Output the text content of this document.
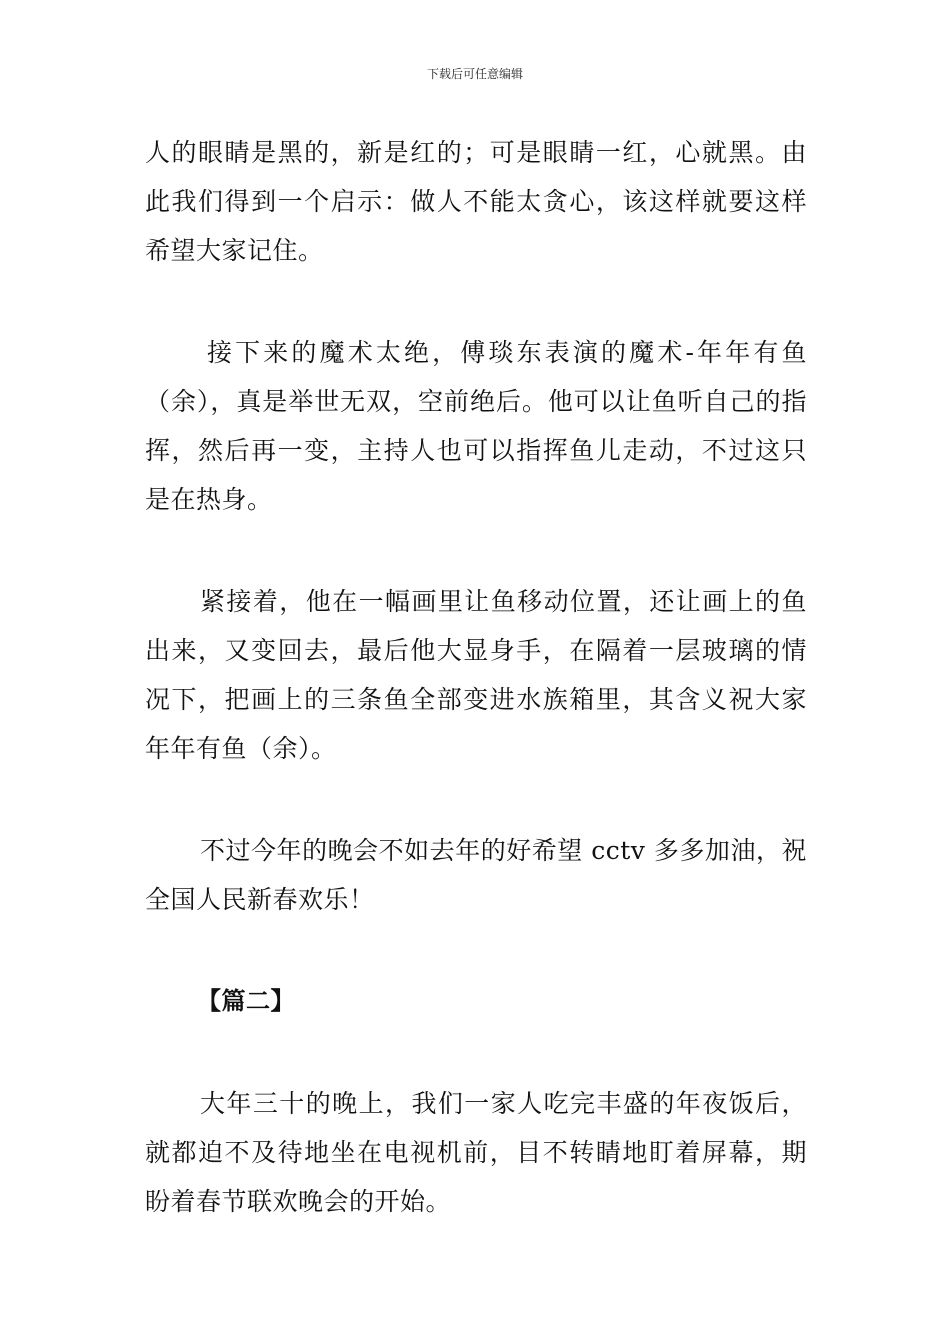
下载后可任意编辑

人的眼睛是黑的，新是红的；可是眼睛一红，心就黑。由此我们得到一个启示：做人不能太贪心，该这样就要这样希望大家记住。

接下来的魔术太绝，傅琰东表演的魔术-年年有鱼（余），真是举世无双，空前绝后。他可以让鱼听自己的指挥，然后再一变，主持人也可以指挥鱼儿走动，不过这只是在热身。

紧接着，他在一幅画里让鱼移动位置，还让画上的鱼出来，又变回去，最后他大显身手，在隔着一层玻璃的情况下，把画上的三条鱼全部变进水族箱里，其含义祝大家年年有鱼（余）。

不过今年的晚会不如去年的好希望 cctv 多多加油，祝全国人民新春欢乐！

【篇二】

大年三十的晚上，我们一家人吃完丰盛的年夜饭后，就都迫不及待地坐在电视机前，目不转睛地盯着屏幕，期盼着春节联欢晚会的开始。
